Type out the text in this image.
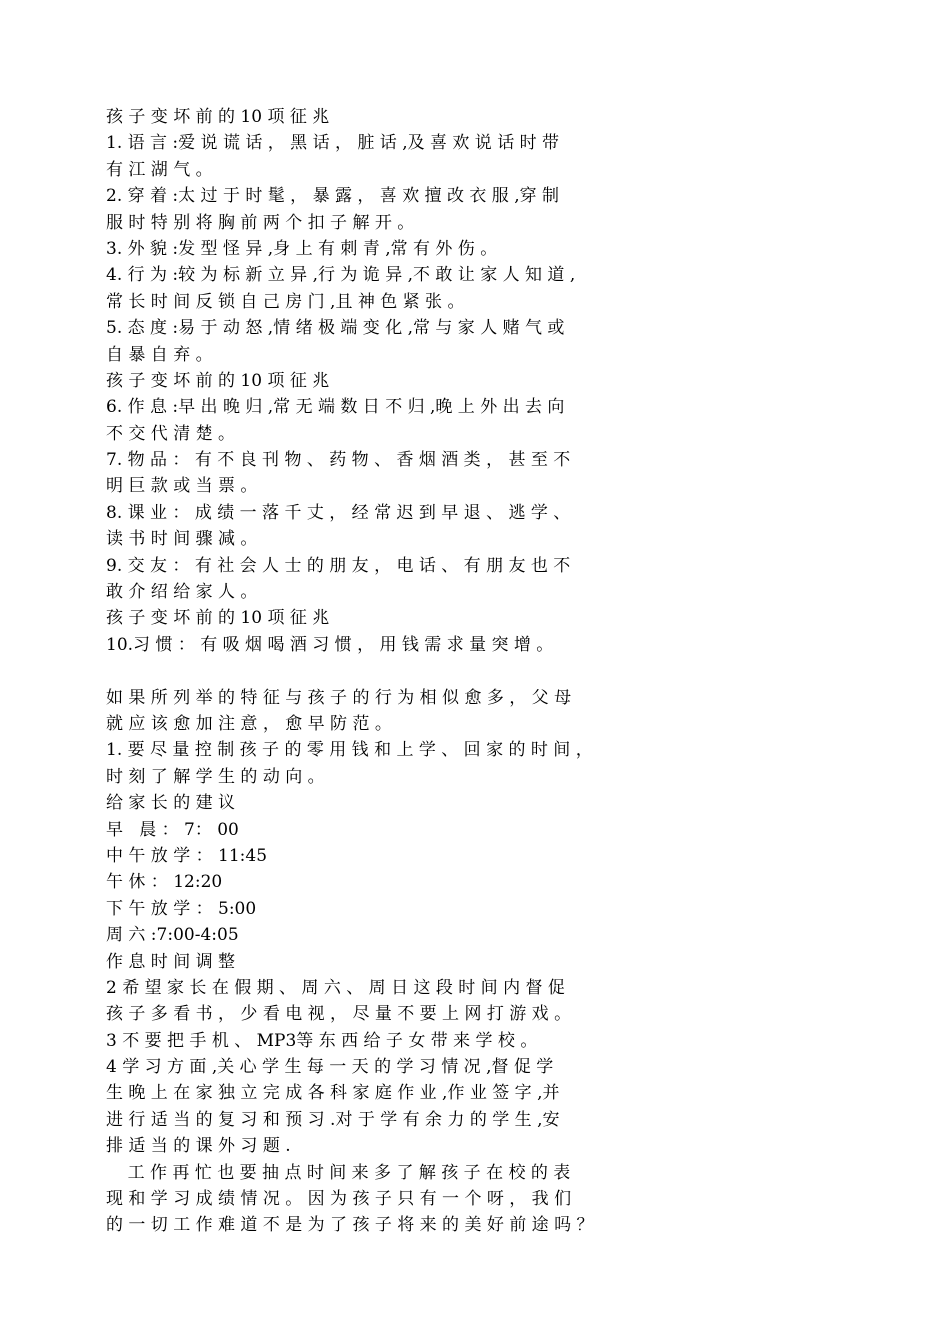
孩 子 变 坏 前 的 10 项 征 兆
1. 语 言 :爱 说 谎 话 ， 黑 话 ， 脏 话 ,及 喜 欢 说 话 时 带
有 江 湖 气 。
2. 穿 着 :太 过 于 时 髦 ， 暴 露 ， 喜 欢 擅 改 衣 服 ,穿 制
服 时 特 别 将 胸 前 两 个 扣 子 解 开 。
3. 外 貌 :发 型 怪 异 ,身 上 有 刺 青 ,常 有 外 伤 。
4. 行 为 :较 为 标 新 立 异 ,行 为 诡 异 ,不 敢 让 家 人 知 道 ,
常 长 时 间 反 锁 自 己 房 门 ,且 神 色 紧 张 。
5. 态 度 :易 于 动 怒 ,情 绪 极 端 变 化 ,常 与 家 人 赌 气 或
自 暴 自 弃 。
孩 子 变 坏 前 的 10 项 征 兆
6. 作 息 :早 出 晚 归 ,常 无 端 数 日 不 归 ,晚 上 外 出 去 向
不 交 代 清 楚 。
7. 物 品 ： 有 不 良 刊 物 、 药 物 、 香 烟 酒 类 ， 甚 至 不
明 巨 款 或 当 票 。
8. 课 业 ： 成 绩 一 落 千 丈 ， 经 常 迟 到 早 退 、 逃 学 、
读 书 时 间 骤 减 。
9. 交 友 ： 有 社 会 人 士 的 朋 友 ， 电 话 、 有 朋 友 也 不
敢 介 绍 给 家 人 。
孩 子 变 坏 前 的 10 项 征 兆
10.习 惯 ： 有 吸 烟 喝 酒 习 惯 ， 用 钱 需 求 量 突 增 。
如 果 所 列 举 的 特 征 与 孩 子 的 行 为 相 似 愈 多 ， 父 母
就 应 该 愈 加 注 意 ， 愈 早 防 范 。
1. 要 尽 量 控 制 孩 子 的 零 用 钱 和 上 学 、 回 家 的 时 间 ，
时 刻 了 解 学 生 的 动 向 。
给 家 长 的 建 议
早   晨 ： 7： 00
中 午 放 学 ： 11:45
午 休 ： 12:20
下 午 放 学 ： 5:00
周 六 :7:00-4:05
作 息 时 间 调 整
2 希 望 家 长 在 假 期 、 周 六 、 周 日 这 段 时 间 内 督 促
孩 子 多 看 书 ， 少 看 电 视 ， 尽 量 不 要 上 网 打 游 戏 。
3 不 要 把 手 机 、 MP3等 东 西 给 子 女 带 来 学 校 。
4 学 习 方 面 ,关 心 学 生 每 一 天 的 学 习 情 况 ,督 促 学
生 晚 上 在 家 独 立 完 成 各 科 家 庭 作 业 ,作 业 签 字 ,并
进 行 适 当 的 复 习 和 预 习 .对 于 学 有 余 力 的 学 生 ,安
排 适 当 的 课 外 习 题 .
工 作 再 忙 也 要 抽 点 时 间 来 多 了 解 孩 子 在 校 的 表
现 和 学 习 成 绩 情 况 。 因 为 孩 子 只 有 一 个 呀 ， 我 们
的 一 切 工 作 难 道 不 是 为 了 孩 子 将 来 的 美 好 前 途 吗 ？
